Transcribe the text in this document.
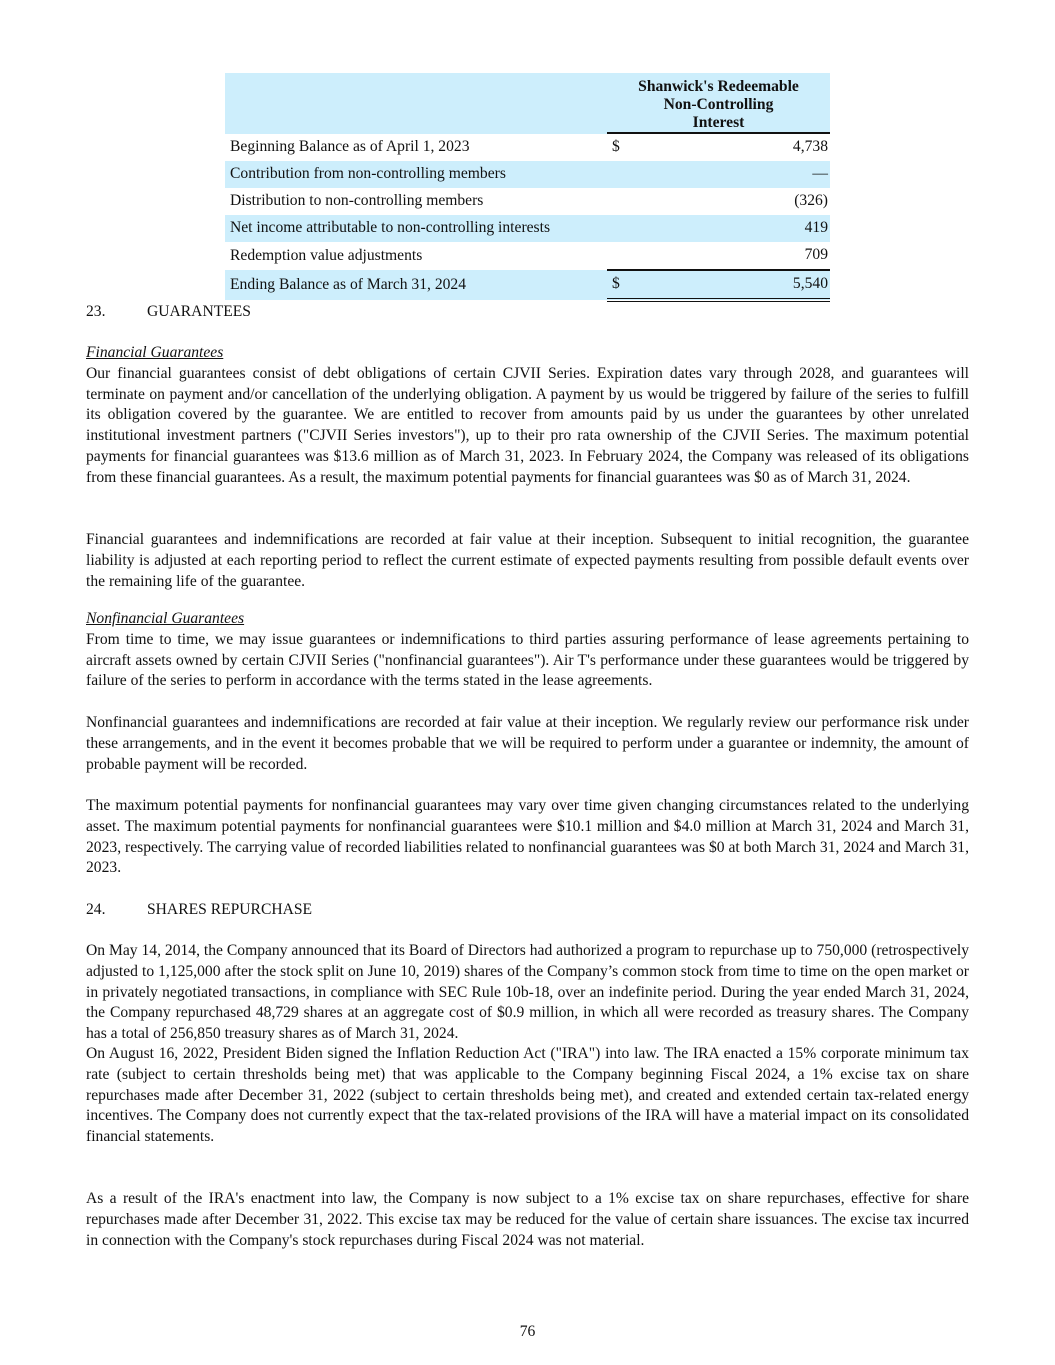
	Shanwick's Redeemable
Non-Controlling
Interest	

Beginning Balance as of April 1, 2023	$	4,738
Contribution from non-controlling members		—
Distribution to non-controlling members		(326)
Net income attributable to non-controlling interests		419
Redemption value adjustments		709
Ending Balance as of March 31, 2024	$	5,540
23.	GUARANTEES
Financial Guarantees
Our financial guarantees consist of debt obligations of certain CJVII Series. Expiration dates vary through 2028, and guarantees will terminate on payment and/or cancellation of the underlying obligation. A payment by us would be triggered by failure of the series to fulfill its obligation covered by the guarantee. We are entitled to recover from amounts paid by us under the guarantees by other unrelated institutional investment partners ("CJVII Series investors"), up to their pro rata ownership of the CJVII Series. The maximum potential payments for financial guarantees was $13.6 million as of March 31, 2023. In February 2024, the Company was released of its obligations from these financial guarantees. As a result, the maximum potential payments for financial guarantees was $0 as of March 31, 2024.
Financial guarantees and indemnifications are recorded at fair value at their inception. Subsequent to initial recognition, the guarantee liability is adjusted at each reporting period to reflect the current estimate of expected payments resulting from possible default events over the remaining life of the guarantee.
Nonfinancial Guarantees
From time to time, we may issue guarantees or indemnifications to third parties assuring performance of lease agreements pertaining to aircraft assets owned by certain CJVII Series ("nonfinancial guarantees"). Air T's performance under these guarantees would be triggered by failure of the series to perform in accordance with the terms stated in the lease agreements.
Nonfinancial guarantees and indemnifications are recorded at fair value at their inception. We regularly review our performance risk under these arrangements, and in the event it becomes probable that we will be required to perform under a guarantee or indemnity, the amount of probable payment will be recorded.
The maximum potential payments for nonfinancial guarantees may vary over time given changing circumstances related to the underlying asset. The maximum potential payments for nonfinancial guarantees were $10.1 million and $4.0 million at March 31, 2024 and March 31, 2023, respectively. The carrying value of recorded liabilities related to nonfinancial guarantees was $0 at both March 31, 2024 and March 31, 2023.
24.	SHARES REPURCHASE
On May 14, 2014, the Company announced that its Board of Directors had authorized a program to repurchase up to 750,000 (retrospectively adjusted to 1,125,000 after the stock split on June 10, 2019) shares of the Company’s common stock from time to time on the open market or in privately negotiated transactions, in compliance with SEC Rule 10b-18, over an indefinite period. During the year ended March 31, 2024, the Company repurchased 48,729 shares at an aggregate cost of $0.9 million, in which all were recorded as treasury shares. The Company has a total of 256,850 treasury shares as of March 31, 2024.
On August 16, 2022, President Biden signed the Inflation Reduction Act ("IRA") into law. The IRA enacted a 15% corporate minimum tax rate (subject to certain thresholds being met) that was applicable to the Company beginning Fiscal 2024, a 1% excise tax on share repurchases made after December 31, 2022 (subject to certain thresholds being met), and created and extended certain tax-related energy incentives. The Company does not currently expect that the tax-related provisions of the IRA will have a material impact on its consolidated financial statements.
As a result of the IRA's enactment into law, the Company is now subject to a 1% excise tax on share repurchases, effective for share repurchases made after December 31, 2022. This excise tax may be reduced for the value of certain share issuances. The excise tax incurred in connection with the Company's stock repurchases during Fiscal 2024 was not material.
76
